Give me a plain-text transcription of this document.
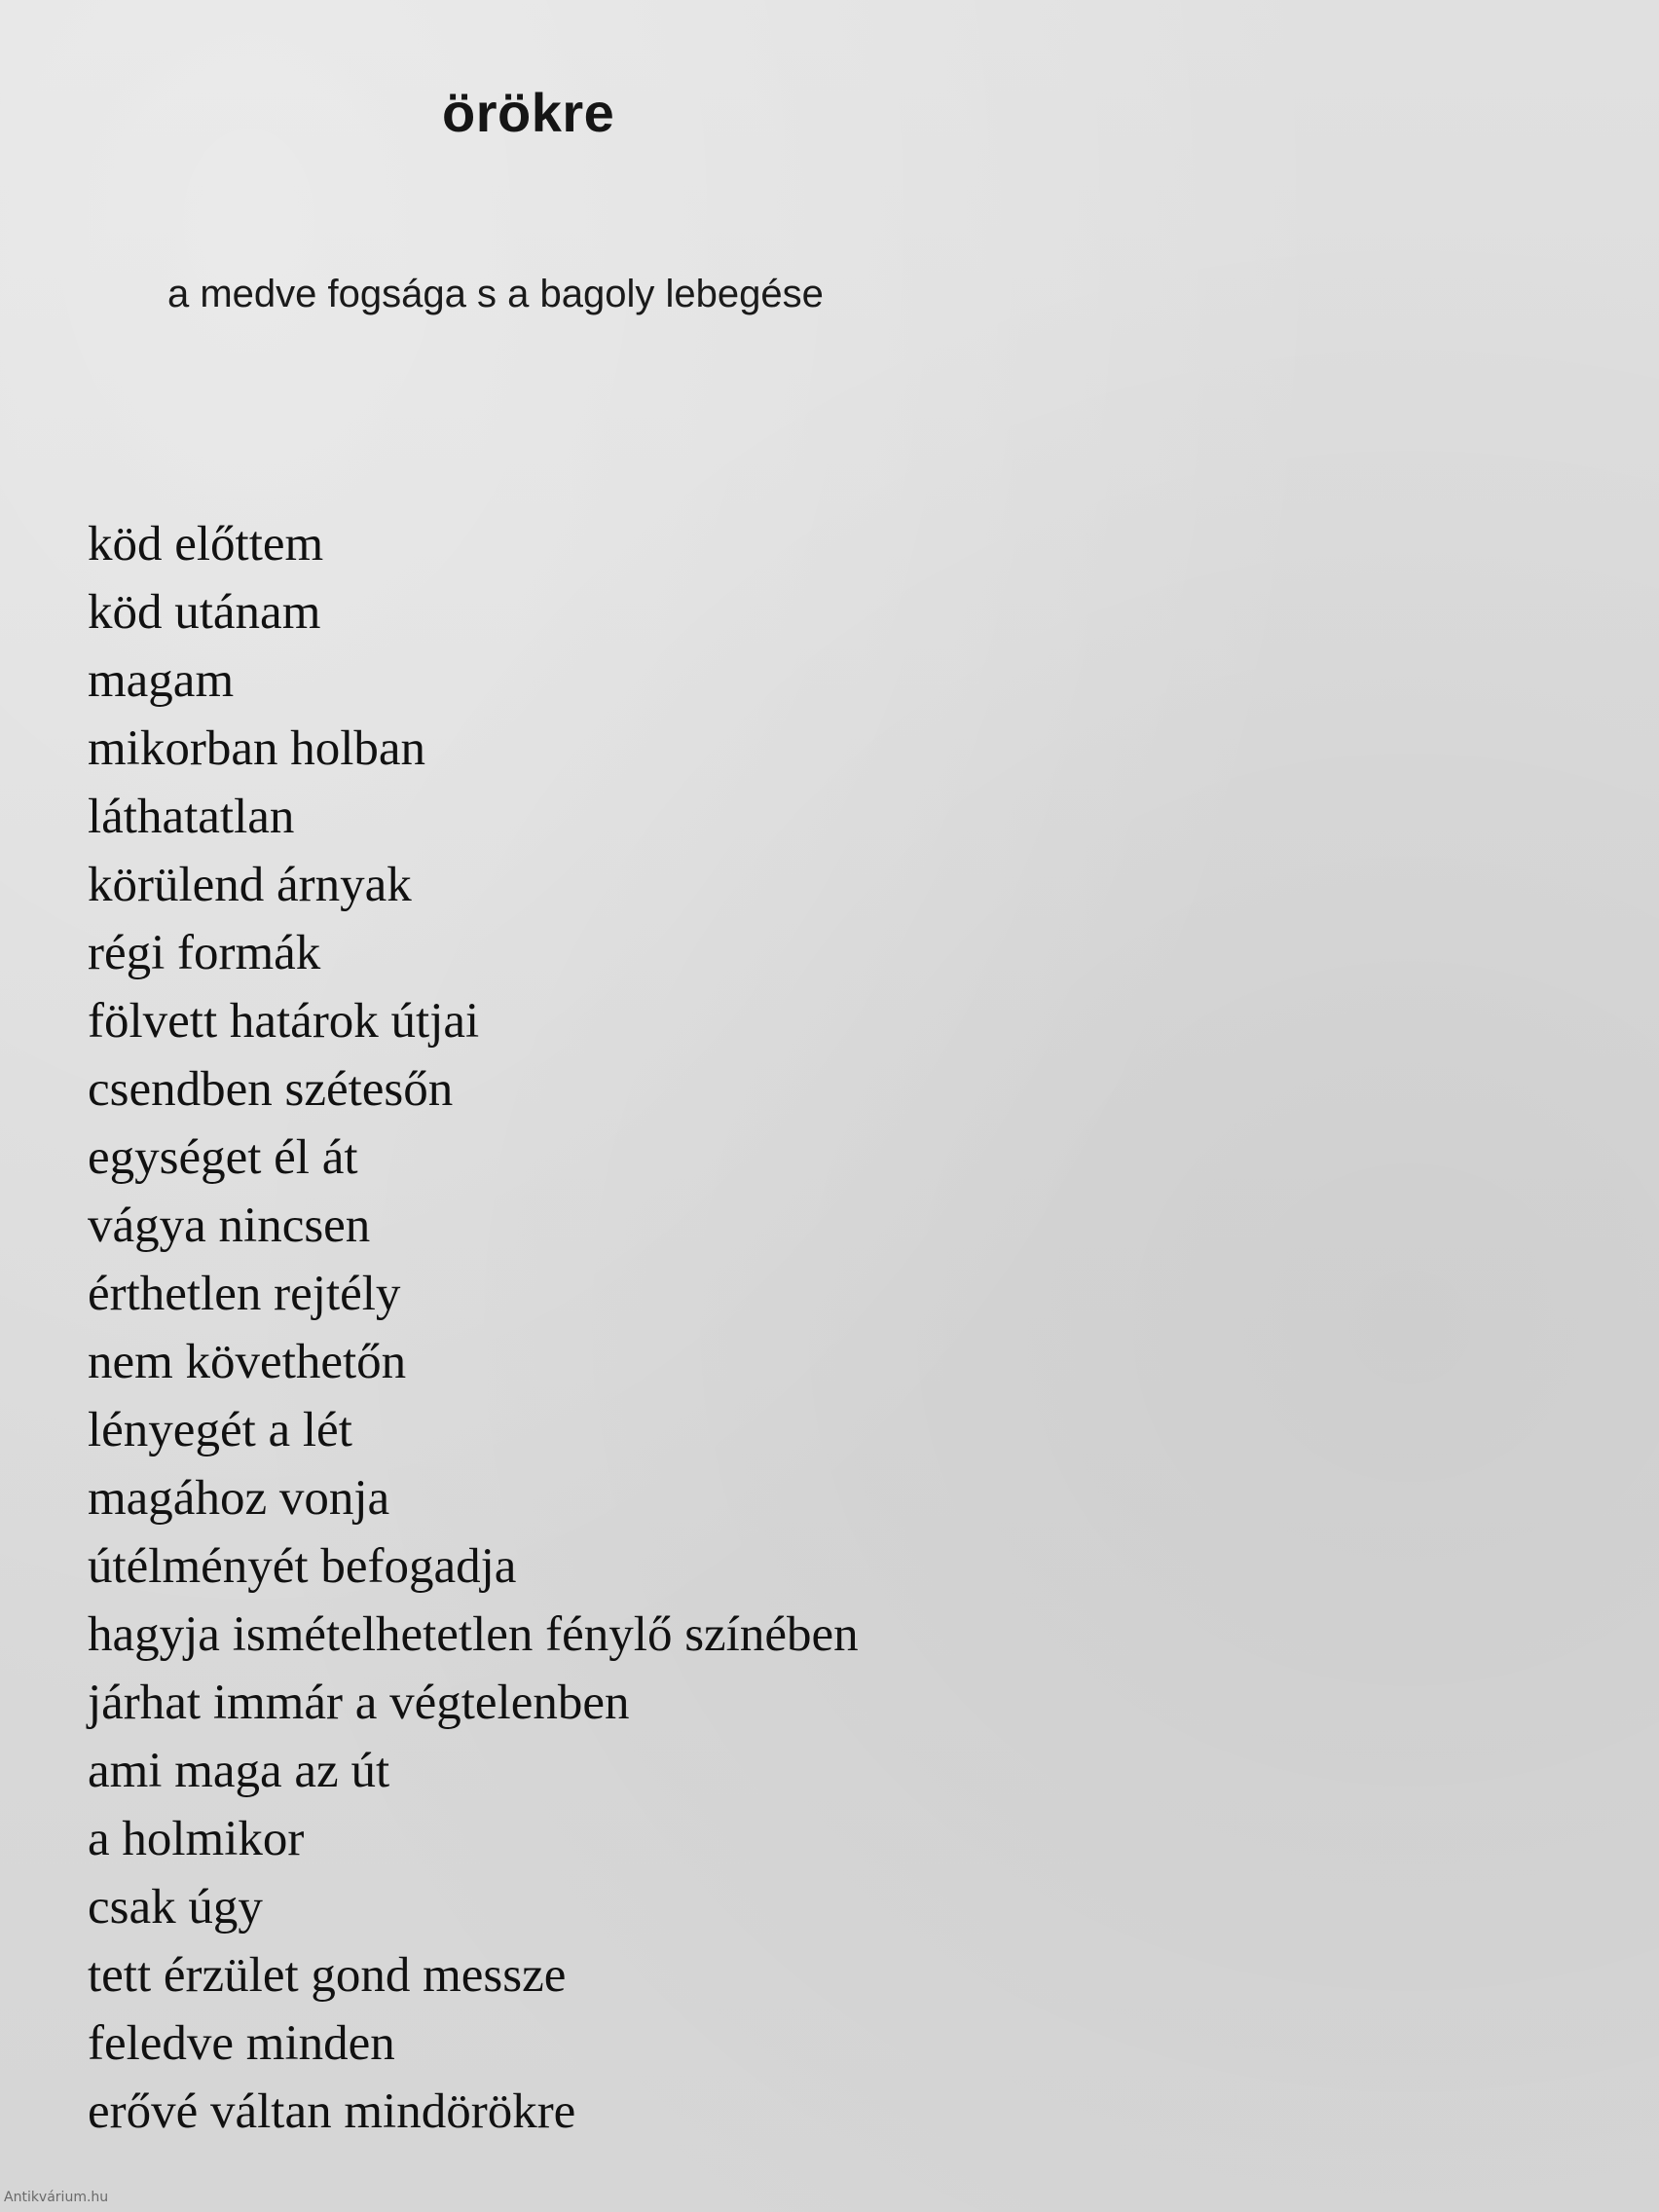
örökre

a medve fogsága s a bagoly lebegése

köd előttem
köd utánam
magam
mikorban holban
láthatatlan
körülend árnyak
régi formák
fölvett határok útjai
csendben szétesőn
egységet él át
vágya nincsen
érthetlen rejtély
nem követhetőn
lényegét a lét
magához vonja
útélményét befogadja
hagyja ismételhetetlen fénylő színében
járhat immár a végtelenben
ami maga az út
a holmikor
csak úgy
tett érzület gond messze
feledve minden
erővé váltan mindörökre
Antikvárium.hu
